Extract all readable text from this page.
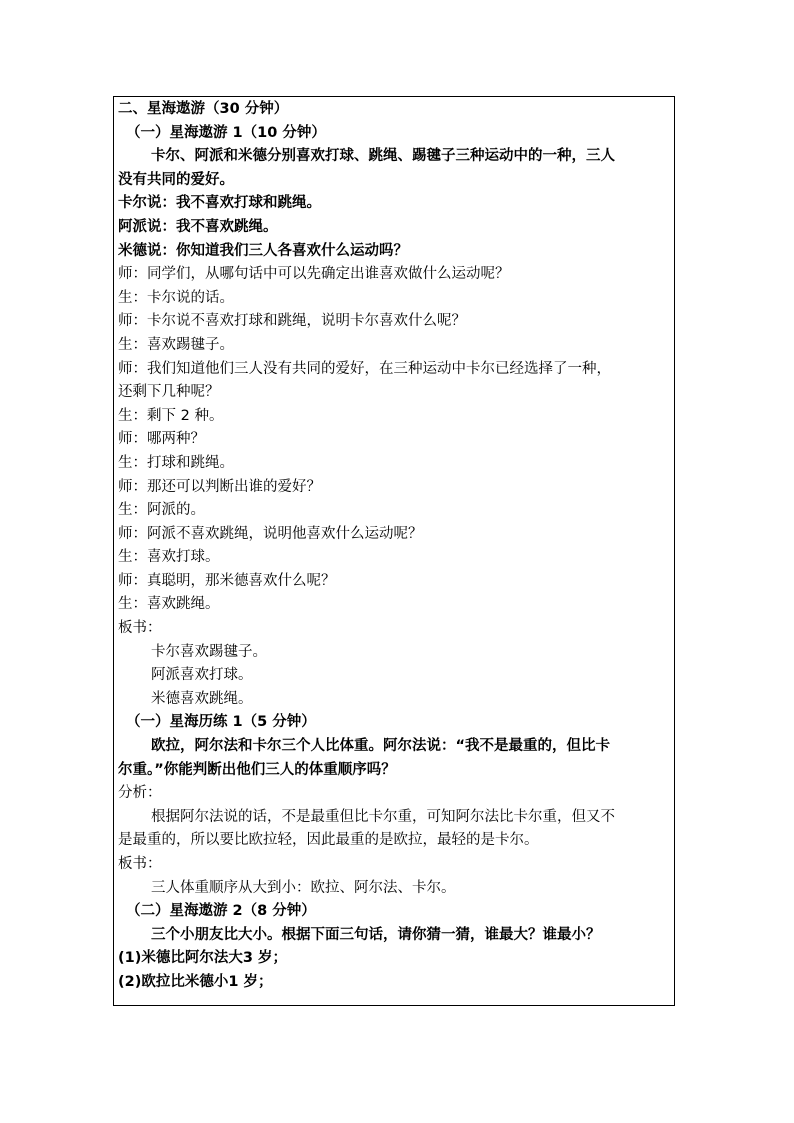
二、星海遨游（30 分钟）
（一）星海遨游 1（10 分钟）
卡尔、阿派和米德分别喜欢打球、跳绳、踢毽子三种运动中的一种，三人
没有共同的爱好。
卡尔说：我不喜欢打球和跳绳。
阿派说：我不喜欢跳绳。
米德说：你知道我们三人各喜欢什么运动吗？
师：同学们，从哪句话中可以先确定出谁喜欢做什么运动呢？
生：卡尔说的话。
师：卡尔说不喜欢打球和跳绳，说明卡尔喜欢什么呢？
生：喜欢踢毽子。
师：我们知道他们三人没有共同的爱好，在三种运动中卡尔已经选择了一种，
还剩下几种呢？
生：剩下 2 种。
师：哪两种？
生：打球和跳绳。
师：那还可以判断出谁的爱好？
生：阿派的。
师：阿派不喜欢跳绳，说明他喜欢什么运动呢？
生：喜欢打球。
师：真聪明，那米德喜欢什么呢？
生：喜欢跳绳。
板书：
卡尔喜欢踢毽子。
阿派喜欢打球。
米德喜欢跳绳。
（一）星海历练 1（5 分钟）
欧拉，阿尔法和卡尔三个人比体重。阿尔法说：“我不是最重的，但比卡
尔重。”你能判断出他们三人的体重顺序吗？
分析：
根据阿尔法说的话，不是最重但比卡尔重，可知阿尔法比卡尔重，但又不
是最重的，所以要比欧拉轻，因此最重的是欧拉，最轻的是卡尔。
板书：
三人体重顺序从大到小：欧拉、阿尔法、卡尔。
（二）星海遨游 2（8 分钟）
三个小朋友比大小。根据下面三句话，请你猜一猜，谁最大？谁最小？
(1)米德比阿尔法大3 岁；
(2)欧拉比米德小1 岁；
